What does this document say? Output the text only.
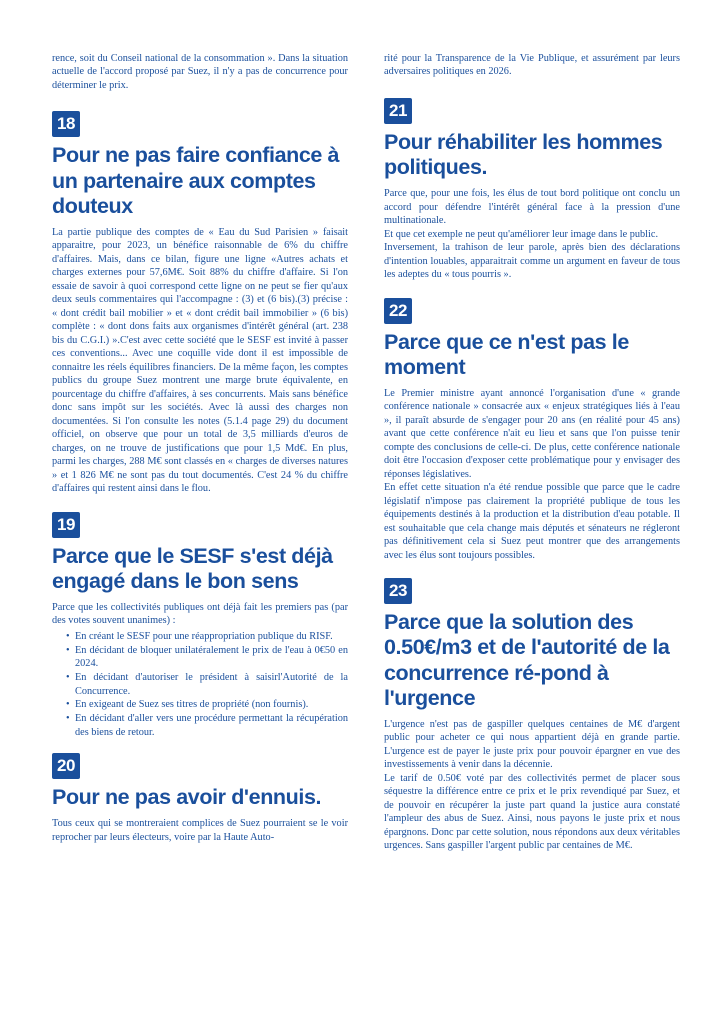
rence, soit du Conseil national de la consommation ». Dans la situation actuelle de l'accord proposé par Suez, il n'y a pas de concurrence pour déterminer le prix.

18
Pour ne pas faire confiance à un partenaire aux comptes douteux

La partie publique des comptes de « Eau du Sud Parisien » faisait apparaitre, pour 2023, un bénéfice raisonnable de 6% du chiffre d'affaires. Mais, dans ce bilan, figure une ligne «Autres achats et charges externes pour 57,6M€. Soit 88% du chiffre d'affaire. Si l'on essaie de savoir à quoi correspond cette ligne on ne peut se fier qu'aux deux seuls commentaires qui l'accompagne : (3) et (6 bis).(3) précise : « dont crédit bail mobilier » et « dont crédit bail immobilier » (6 bis) complète : « dont dons faits aux organismes d'intérêt général (art. 238 bis du C.G.I.) ».C'est avec cette société que le SESF est invité à passer ces conventions... Avec une coquille vide dont il est impossible de connaitre les réels équilibres financiers. De la même façon, les comptes publics du groupe Suez montrent une marge brute équivalente, en pourcentage du chiffre d'affaires, à ses concurrents. Mais sans bénéfice donc sans impôt sur les sociétés. Avec là aussi des charges non documentées. Si l'on consulte les notes (5.1.4 page 29) du document officiel, on observe que pour un total de 3,5 milliards d'euros de charges, on ne trouve de justifications que pour 1,5 Md€. En plus, parmi les charges, 288 M€ sont classés en « charges de diverses natures » et 1 826 M€ ne sont pas du tout documentés. C'est 24 % du chiffre d'affaires qui restent ainsi dans le flou.

19
Parce que le SESF s'est déjà engagé dans le bon sens

Parce que les collectivités publiques ont déjà fait les premiers pas (par des votes souvent unanimes) :

• En créant le SESF pour une réappropriation publique du RISF.
• En décidant de bloquer unilatéralement le prix de l'eau à 0€50 en 2024.
• En décidant d'autoriser le président à saisirl'Autorité de la Concurrence.
• En exigeant de Suez ses titres de propriété (non fournis).
• En décidant d'aller vers une procédure permettant la récupération des biens de retour.
20
Pour ne pas avoir d'ennuis.

Tous ceux qui se montreraient complices de Suez pourraient se le voir reprocher par leurs électeurs, voire par la Haute Auto-

rité pour la Transparence de la Vie Publique, et assurément par leurs adversaires politiques en 2026.

21
Pour réhabiliter les hommes politiques.

Parce que, pour une fois, les élus de tout bord politique ont conclu un accord pour défendre l'intérêt général face à la pression d'une multinationale.

Et que cet exemple ne peut qu'améliorer leur image dans le public.

Inversement, la trahison de leur parole, après bien des déclarations d'intention louables, apparaitrait comme un argument en faveur de tous les adeptes du « tous pourris ».

22
Parce que ce n'est pas le moment

Le Premier ministre ayant annoncé l'organisation d'une « grande conférence nationale » consacrée aux « enjeux stratégiques liés à l'eau », il paraît absurde de s'engager pour 20 ans (en réalité pour 45 ans) avant que cette conférence n'ait eu lieu et sans que l'on puisse tenir compte des conclusions de celle-ci. De plus, cette conférence nationale doit être l'occasion d'exposer cette problématique pour y envisager des réponses législatives.

En effet cette situation n'a été rendue possible que parce que le cadre législatif n'impose pas clairement la propriété publique de tous les équipements destinés à la production et la distribution d'eau potable. Il est souhaitable que cela change mais députés et sénateurs ne régleront pas définitivement cela si Suez peut montrer que des arrangements avec les élus sont toujours possibles.

23
Parce que la solution des 0.50€/m3 et de l'autorité de la concurrence ré-pond à l'urgence

L'urgence n'est pas de gaspiller quelques centaines de M€ d'argent public pour acheter ce qui nous appartient déjà en grande partie. L'urgence est de payer le juste prix pour pouvoir épargner en vue des investissements à venir dans la décennie.

Le tarif de 0.50€ voté par des collectivités permet de placer sous séquestre la différence entre ce prix et le prix revendiqué par Suez, et de pouvoir en récupérer la juste part quand la justice aura constaté l'ampleur des abus de Suez. Ainsi, nous payons le juste prix et nous épargnons. Donc par cette solution, nous répondons aux deux véritables urgences. Sans gaspiller l'argent public par centaines de M€.
